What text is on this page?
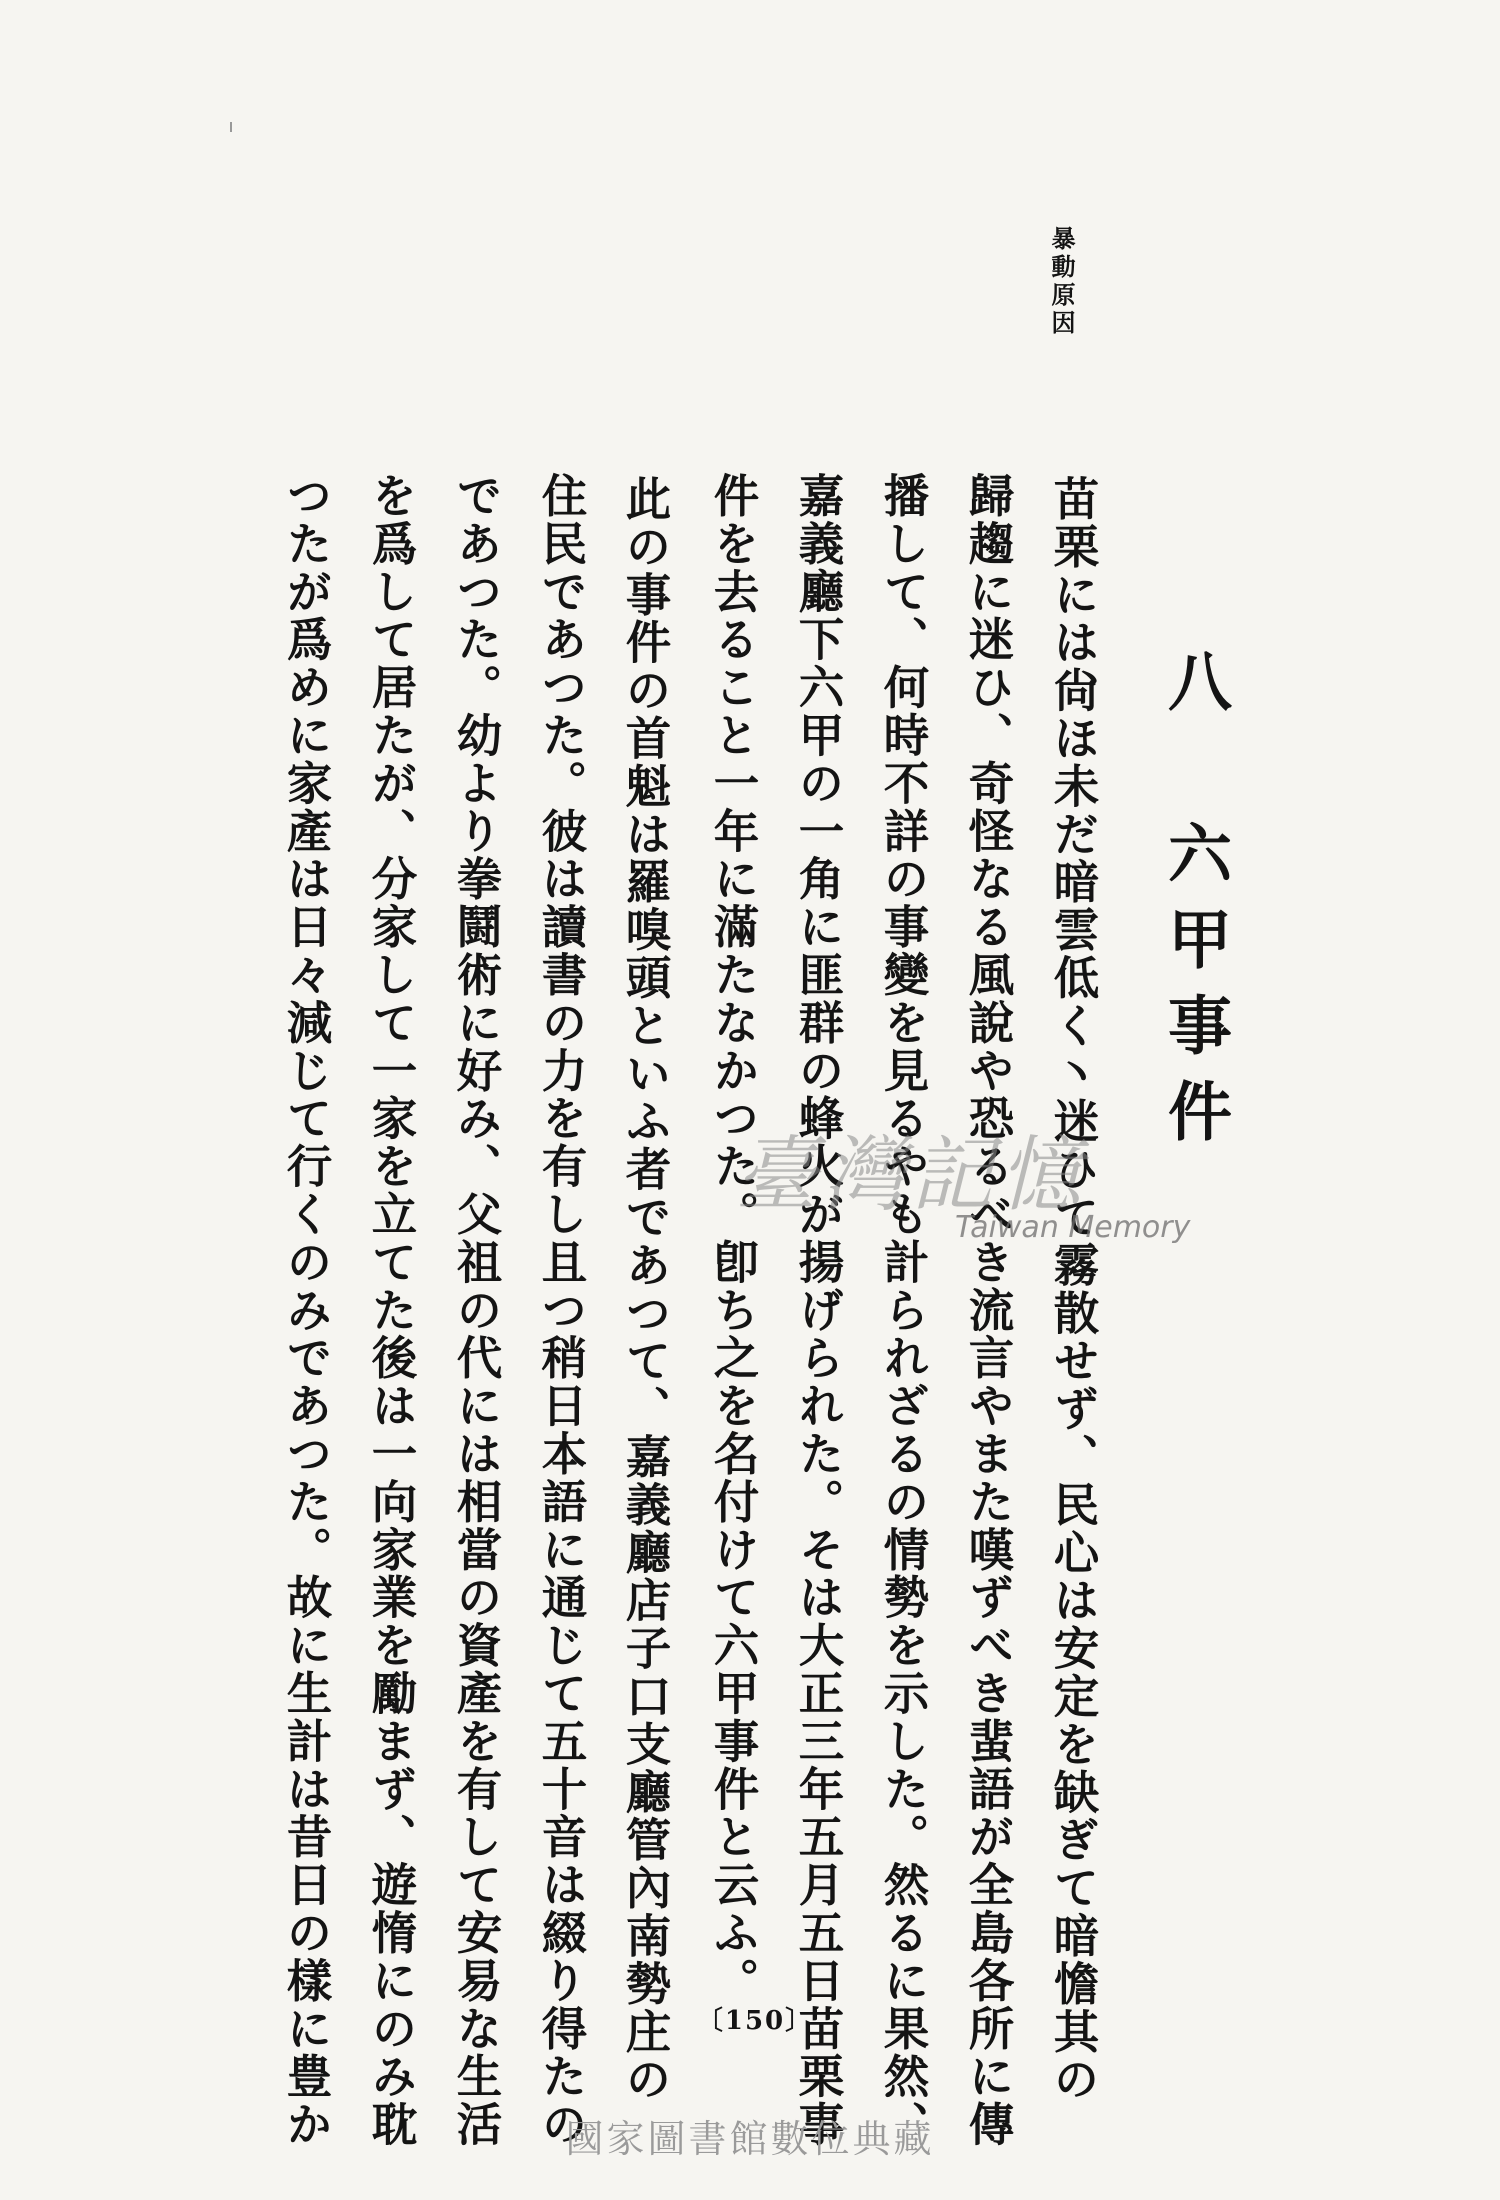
暴動原因
八　六甲事件
苗栗には尙ほ未だ暗雲低く丶迷ひて霧散せず、民心は安定を缺ぎて暗憺其の
歸趨に迷ひ、奇怪なる風說や恐るべき流言やまた嘆ずべき蜚語が全島各所に傳
播して、何時不詳の事變を見るやも計られざるの情勢を示した。然るに果然、
嘉義廳下六甲の一角に匪群の蜂火が揚げられた。そは大正三年五月五日苗栗事
件を去ること一年に滿たなかつた。卽ち之を名付けて六甲事件と云ふ。
此の事件の首魁は羅嗅頭といふ者であつて、嘉義廳店子口支廳管內南勢庄の
住民であつた。彼は讀書の力を有し且つ稍日本語に通じて五十音は綴り得たの
であつた。幼より拳鬪術に好み、父祖の代には相當の資產を有して安易な生活
を爲して居たが、分家して一家を立てた後は一向家業を勵まず、遊惰にのみ耽
つたが爲めに家產は日々減じて行くのみであつた。故に生計は昔日の樣に豊か	臺灣記憶
Taiwan Memory
〔150〕
國家圖書館數位典藏
